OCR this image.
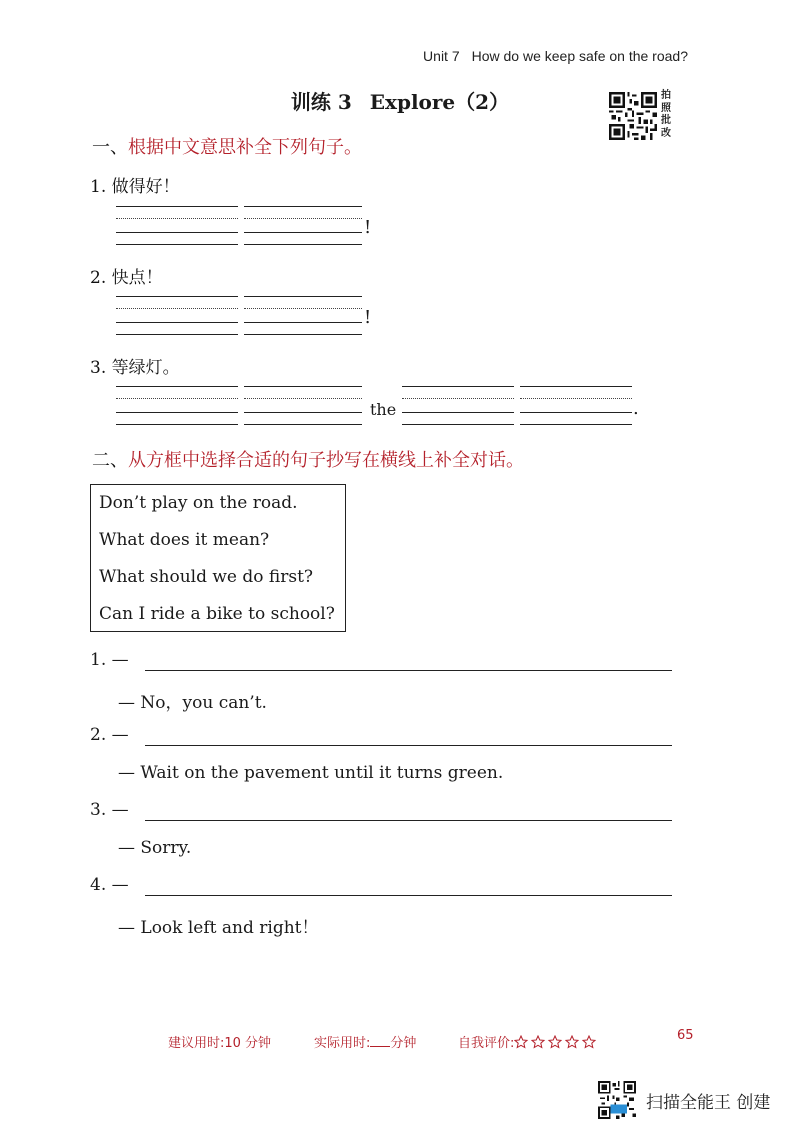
Unit 7 How do we keep safe on the road?
训练 3 Explore（2）	拍照批改
一、根据中文意思补全下列句子。
1. 做得好！
!
2. 快点！
!
3. 等绿灯。
the	.
二、从方框中选择合适的句子抄写在横线上补全对话。
Don’t play on the road.
What does it mean?
What should we do first?
Can I ride a bike to school?
1. —
— No，you can’t.
2. —
— Wait on the pavement until it turns green.
3. —
— Sorry.
4. —
— Look left and right！
建议用时:10 分钟	实际用时: 分钟	自我评价:
65
扫描全能王 创建
